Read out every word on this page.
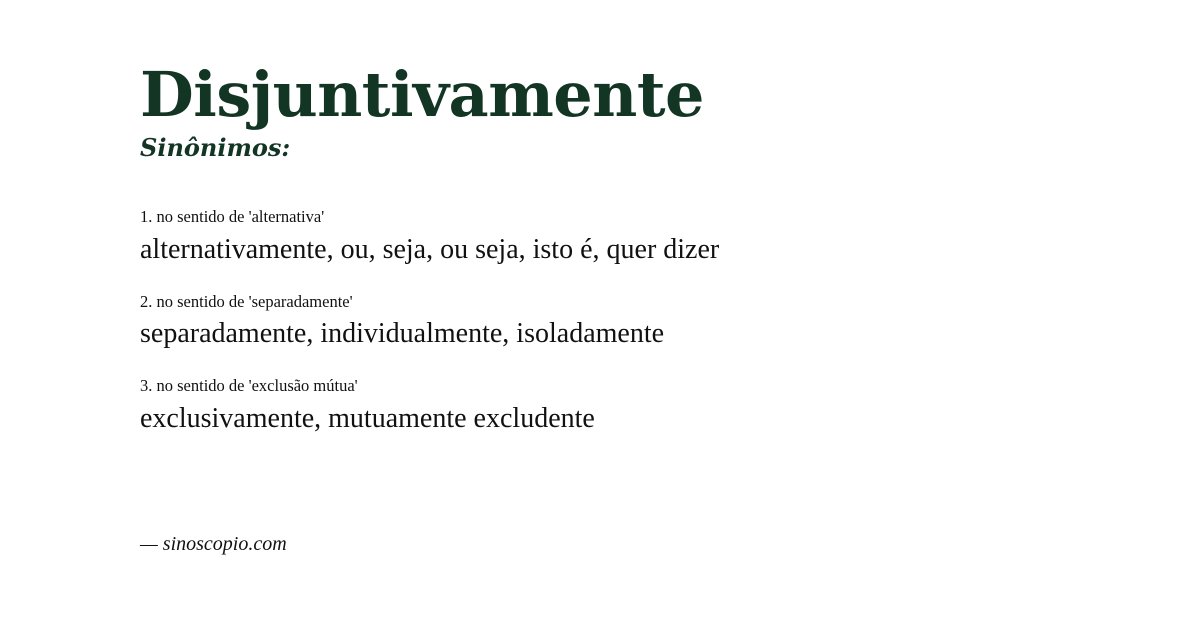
Disjuntivamente
Sinônimos:

1. no sentido de 'alternativa'

alternativamente, ou, seja, ou seja, isto é, quer dizer

2. no sentido de 'separadamente'

separadamente, individualmente, isoladamente

3. no sentido de 'exclusão mútua'

exclusivamente, mutuamente excludente

— sinoscopio.com
